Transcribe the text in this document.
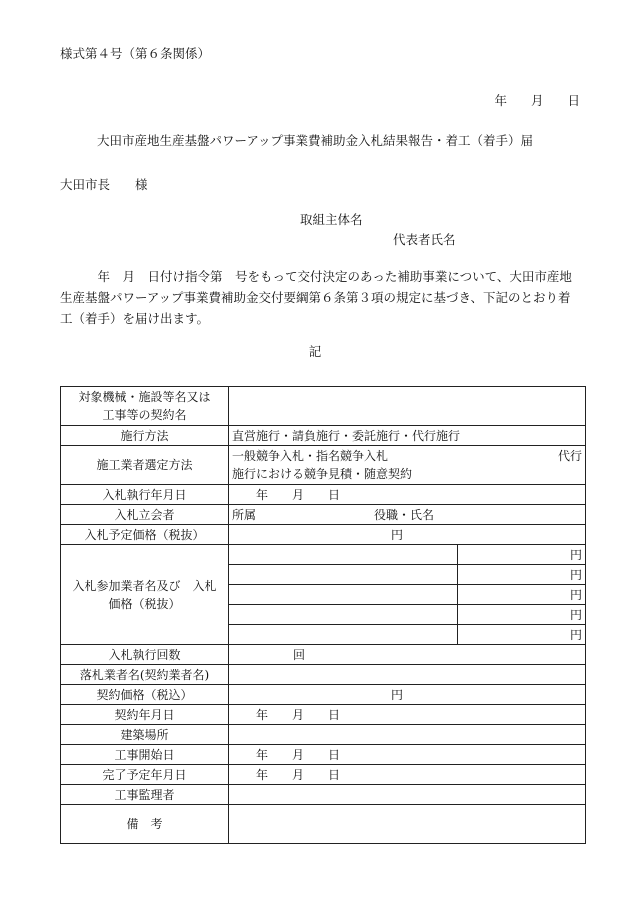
様式第４号（第６条関係）
年 月 日
大田市産地生産基盤パワーアップ事業費補助金入札結果報告・着工（着手）届
大田市長　　様
取組主体名
代表者氏名
年　月　日付け指令第　号をもって交付決定のあった補助事業について、大田市産地生産基盤パワーアップ事業費補助金交付要綱第６条第３項の規定に基づき、下記のとおり着工（着手）を届け出ます。
記
対象機械・施設等名又は
工事等の契約名		

施行方法	直営施行・請負施行・委託施行・代行施行	
施工業者選定方法	一般競争入札・指名競争入札 代行
施行における競争見積・随意契約	

入札執行年月日	年 月 日	
入札立会者	所属 役職・氏名	
入札予定価格（税抜）	円	

入札参加業者名及び　入札
価格（税抜）		円
		円
		円
		円
		円
入札執行回数	回	
落札業者名(契約業者名)		
契約価格（税込）	円	
契約年月日	年 月 日	
建築場所		
工事開始日	年 月 日	
完了予定年月日	年 月 日	
工事監理者		
備　考		
